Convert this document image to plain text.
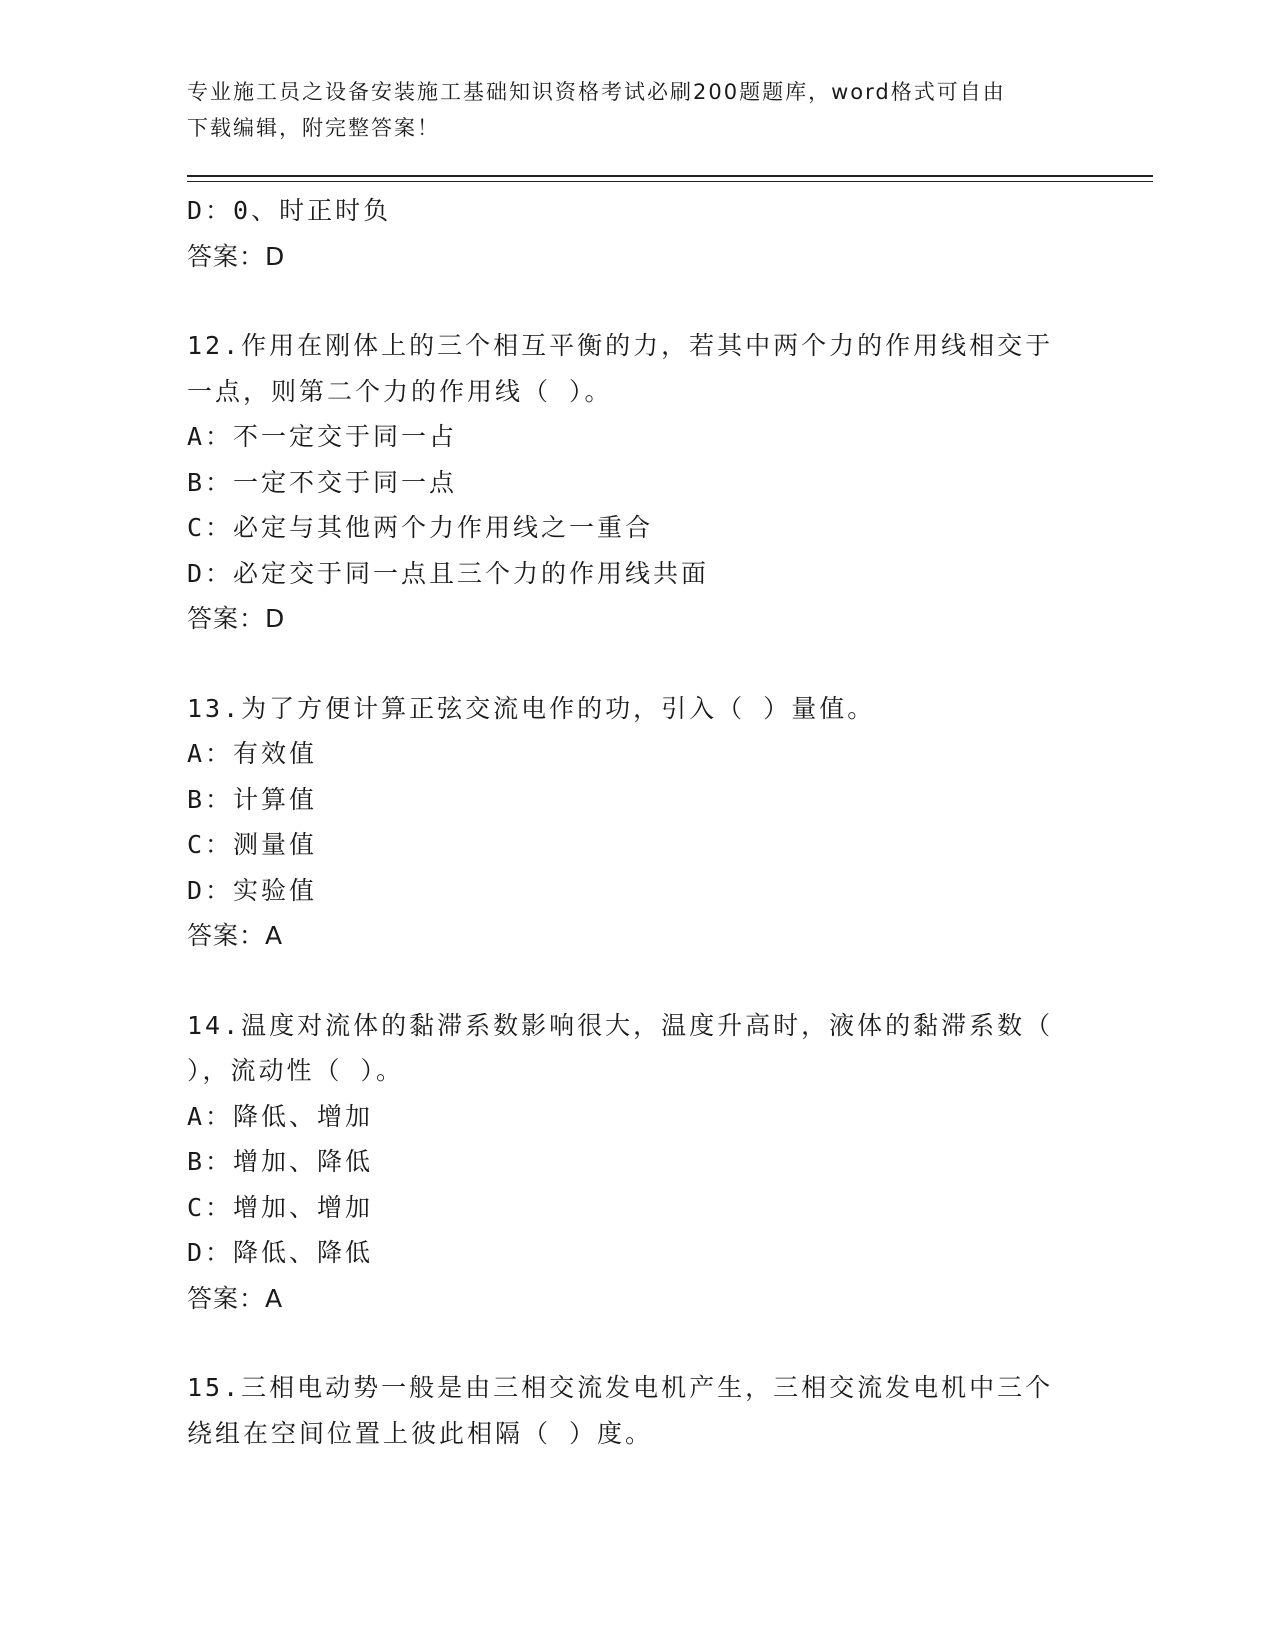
专业施工员之设备安装施工基础知识资格考试必刷200题题库，word格式可自由
下载编辑，附完整答案！
D：0、时正时负
答案：D
12.作用在刚体上的三个相互平衡的力，若其中两个力的作用线相交于
一点，则第二个力的作用线（ ）。
A：不一定交于同一占
B：一定不交于同一点
C：必定与其他两个力作用线之一重合
D：必定交于同一点且三个力的作用线共面
答案：D
13.为了方便计算正弦交流电作的功，引入（ ）量值。
A：有效值
B：计算值
C：测量值
D：实验值
答案：A
14.温度对流体的黏滞系数影响很大，温度升高时，液体的黏滞系数（
），流动性（ ）。
A：降低、增加
B：增加、降低
C：增加、增加
D：降低、降低
答案：A
15.三相电动势一般是由三相交流发电机产生，三相交流发电机中三个
绕组在空间位置上彼此相隔（ ）度。
